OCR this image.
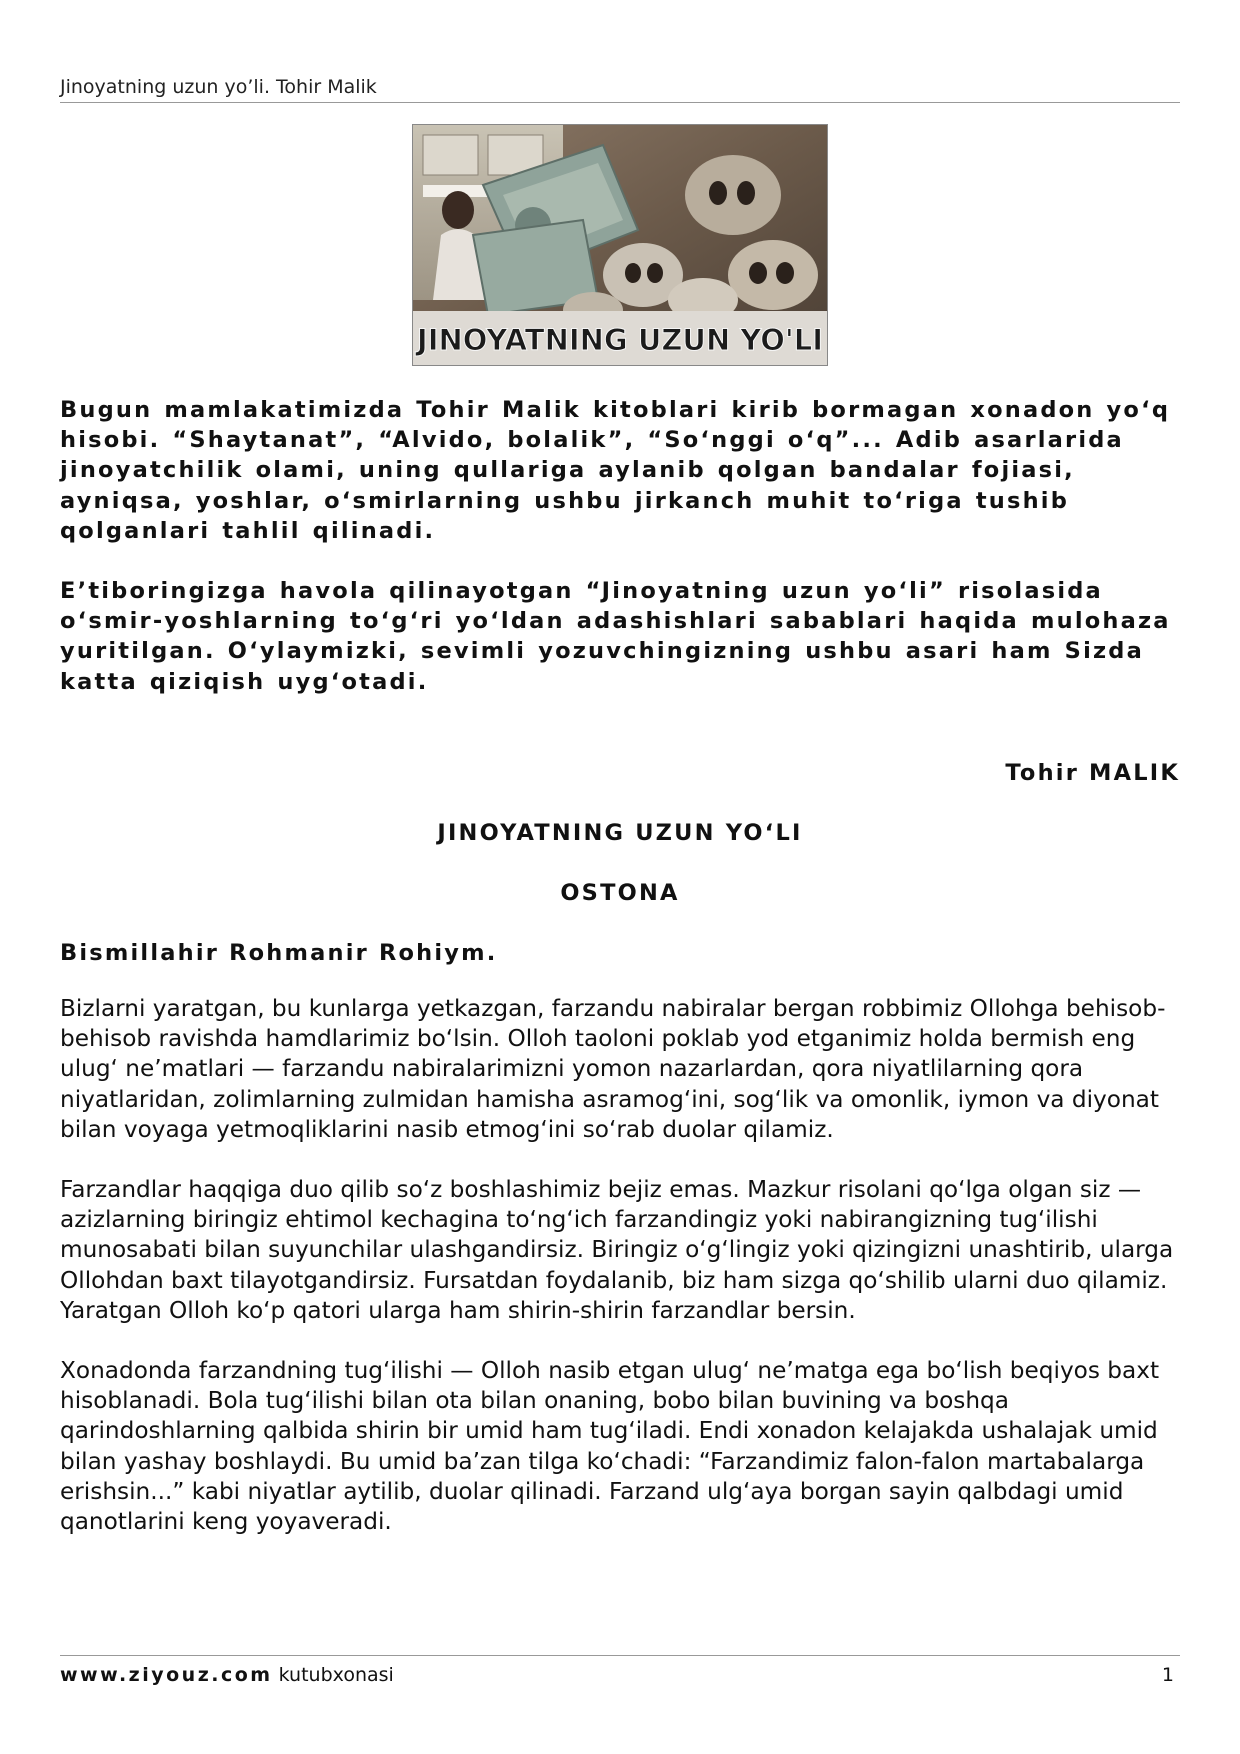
Jinoyatning uzun yo’li. Tohir Malik
JINOYATNING UZUN YO'LI

Bugun mamlakatimizda Tohir Malik kitoblari kirib bormagan xonadon yo‘q hisobi. “Shaytanat”, “Alvido, bolalik”, “So‘nggi o‘q”... Adib asarlarida jinoyatchilik olami, uning qullariga aylanib qolgan bandalar fojiasi, ayniqsa, yoshlar, o‘smirlarning ushbu jirkanch muhit to‘riga tushib qolganlari tahlil qilinadi.

E’tiboringizga havola qilinayotgan “Jinoyatning uzun yo‘li” risolasida o‘smir-yoshlarning to‘g‘ri yo‘ldan adashishlari sabablari haqida mulohaza yuritilgan. O‘ylaymizki, sevimli yozuvchingizning ushbu asari ham Sizda katta qiziqish uyg‘otadi.

Tohir MALIK
JINOYATNING UZUN YO‘LI
OSTONA
Bismillahir Rohmanir Rohiym.

Bizlarni yaratgan, bu kunlarga yetkazgan, farzandu nabiralar bergan robbimiz Ollohga behisob-behisob ravishda hamdlarimiz bo‘lsin. Olloh taoloni poklab yod etganimiz holda bermish eng ulug‘ ne’matlari — farzandu nabiralarimizni yomon nazarlardan, qora niyatlilarning qora niyatlaridan, zolimlarning zulmidan hamisha asramog‘ini, sog‘lik va omonlik, iymon va diyonat bilan voyaga yetmoqliklarini nasib etmog‘ini so‘rab duolar qilamiz.

Farzandlar haqqiga duo qilib so‘z boshlashimiz bejiz emas. Mazkur risolani qo‘lga olgan siz — azizlarning biringiz ehtimol kechagina to‘ng‘ich farzandingiz yoki nabirangizning tug‘ilishi munosabati bilan suyunchilar ulashgandirsiz. Biringiz o‘g‘lingiz yoki qizingizni unashtirib, ularga Ollohdan baxt tilayotgandirsiz. Fursatdan foydalanib, biz ham sizga qo‘shilib ularni duo qilamiz. Yaratgan Olloh ko‘p qatori ularga ham shirin-shirin farzandlar bersin.

Xonadonda farzandning tug‘ilishi — Olloh nasib etgan ulug‘ ne’matga ega bo‘lish beqiyos baxt hisoblanadi. Bola tug‘ilishi bilan ota bilan onaning, bobo bilan buvining va boshqa qarindoshlarning qalbida shirin bir umid ham tug‘iladi. Endi xonadon kelajakda ushalajak umid bilan yashay boshlaydi. Bu umid ba’zan tilga ko‘chadi: “Farzandimiz falon-falon martabalarga erishsin...” kabi niyatlar aytilib, duolar qilinadi. Farzand ulg‘aya borgan sayin qalbdagi umid qanotlarini keng yoyaveradi.

www.ziyouz.com kutubxonasi	1
